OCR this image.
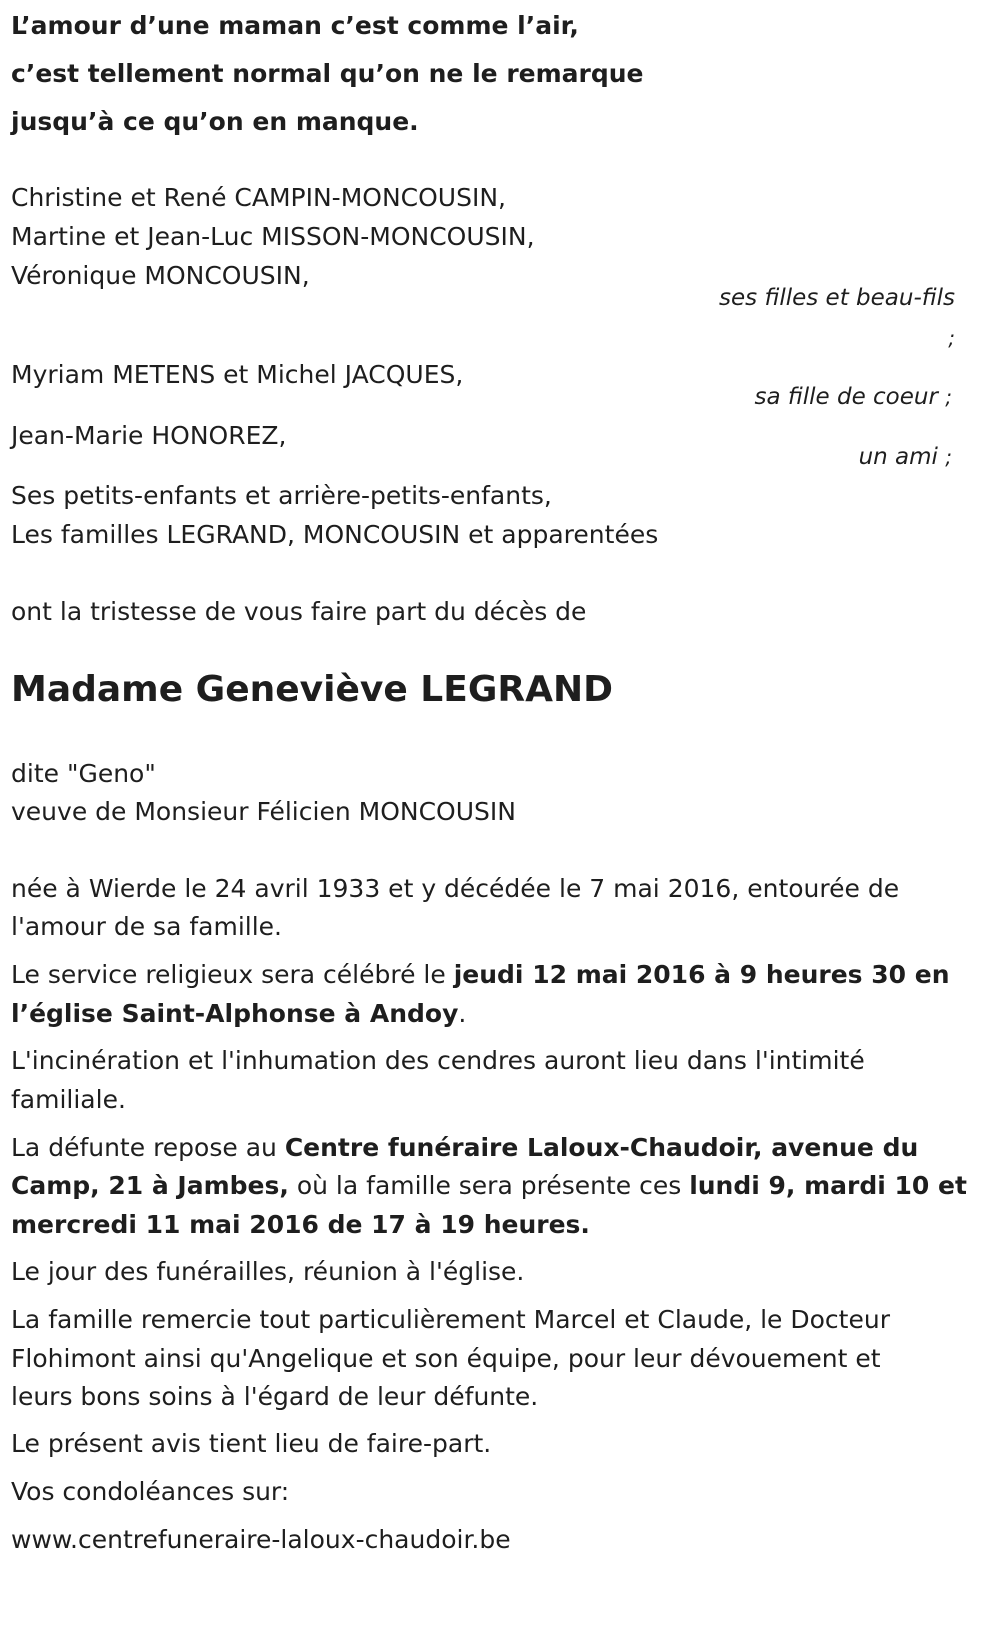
L’amour d’une maman c’est comme l’air,
c’est tellement normal qu’on ne le remarque
jusqu’à ce qu’on en manque.
Christine et René CAMPIN-MONCOUSIN,
Martine et Jean-Luc MISSON-MONCOUSIN,
Véronique MONCOUSIN,
ses filles et beau-fils
;
Myriam METENS et Michel JACQUES,
sa fille de coeur ;
Jean-Marie HONOREZ,
un ami ;
Ses petits-enfants et arrière-petits-enfants,
Les familles LEGRAND, MONCOUSIN et apparentées
ont la tristesse de vous faire part du décès de
Madame Geneviève LEGRAND
dite "Geno"
veuve de Monsieur Félicien MONCOUSIN
née à Wierde le 24 avril 1933 et y décédée le 7 mai 2016, entourée de
l'amour de sa famille.
Le service religieux sera célébré le jeudi 12 mai 2016 à 9 heures 30 en
l’église Saint-Alphonse à Andoy.
L'incinération et l'inhumation des cendres auront lieu dans l'intimité
familiale.
La défunte repose au Centre funéraire Laloux-Chaudoir, avenue du
Camp, 21 à Jambes, où la famille sera présente ces lundi 9, mardi 10 et
mercredi 11 mai 2016 de 17 à 19 heures.
Le jour des funérailles, réunion à l'église.
La famille remercie tout particulièrement Marcel et Claude, le Docteur
Flohimont ainsi qu'Angelique et son équipe, pour leur dévouement et
leurs bons soins à l'égard de leur défunte.
Le présent avis tient lieu de faire-part.
Vos condoléances sur:
www.centrefuneraire-laloux-chaudoir.be
